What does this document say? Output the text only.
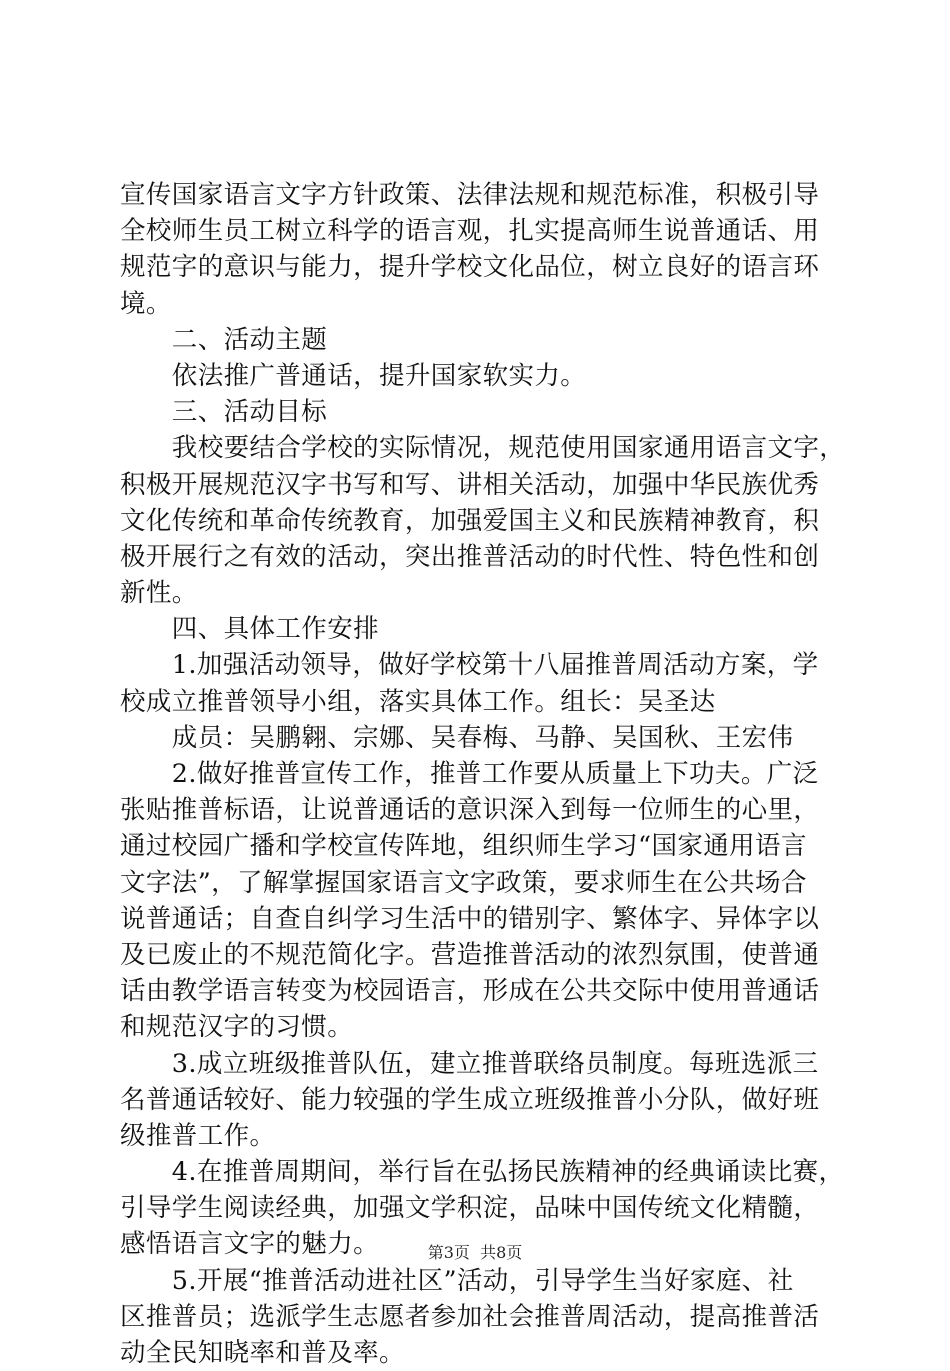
宣传国家语言文字方针政策、法律法规和规范标准，积极引导
全校师生员工树立科学的语言观，扎实提高师生说普通话、用
规范字的意识与能力，提升学校文化品位，树立良好的语言环
境。
　　二、活动主题
　　依法推广普通话，提升国家软实力。
　　三、活动目标
　　我校要结合学校的实际情况，规范使用国家通用语言文字，
积极开展规范汉字书写和写、讲相关活动，加强中华民族优秀
文化传统和革命传统教育，加强爱国主义和民族精神教育，积
极开展行之有效的活动，突出推普活动的时代性、特色性和创
新性。
　　四、具体工作安排
　　1.加强活动领导，做好学校第十八届推普周活动方案，学
校成立推普领导小组，落实具体工作。组长：吴圣达
　　成员：吴鹏翱、宗娜、吴春梅、马静、吴国秋、王宏伟
　　2.做好推普宣传工作，推普工作要从质量上下功夫。广泛
张贴推普标语，让说普通话的意识深入到每一位师生的心里，
通过校园广播和学校宣传阵地，组织师生学习“国家通用语言
文字法”，了解掌握国家语言文字政策，要求师生在公共场合
说普通话；自查自纠学习生活中的错别字、繁体字、异体字以
及已废止的不规范简化字。营造推普活动的浓烈氛围，使普通
话由教学语言转变为校园语言，形成在公共交际中使用普通话
和规范汉字的习惯。
　　3.成立班级推普队伍，建立推普联络员制度。每班选派三
名普通话较好、能力较强的学生成立班级推普小分队，做好班
级推普工作。
　　4.在推普周期间，举行旨在弘扬民族精神的经典诵读比赛，
引导学生阅读经典，加强文学积淀，品味中国传统文化精髓，
感悟语言文字的魅力。
　　5.开展“推普活动进社区”活动，引导学生当好家庭、社
区推普员；选派学生志愿者参加社会推普周活动，提高推普活
动全民知晓率和普及率。
第3页  共8页
